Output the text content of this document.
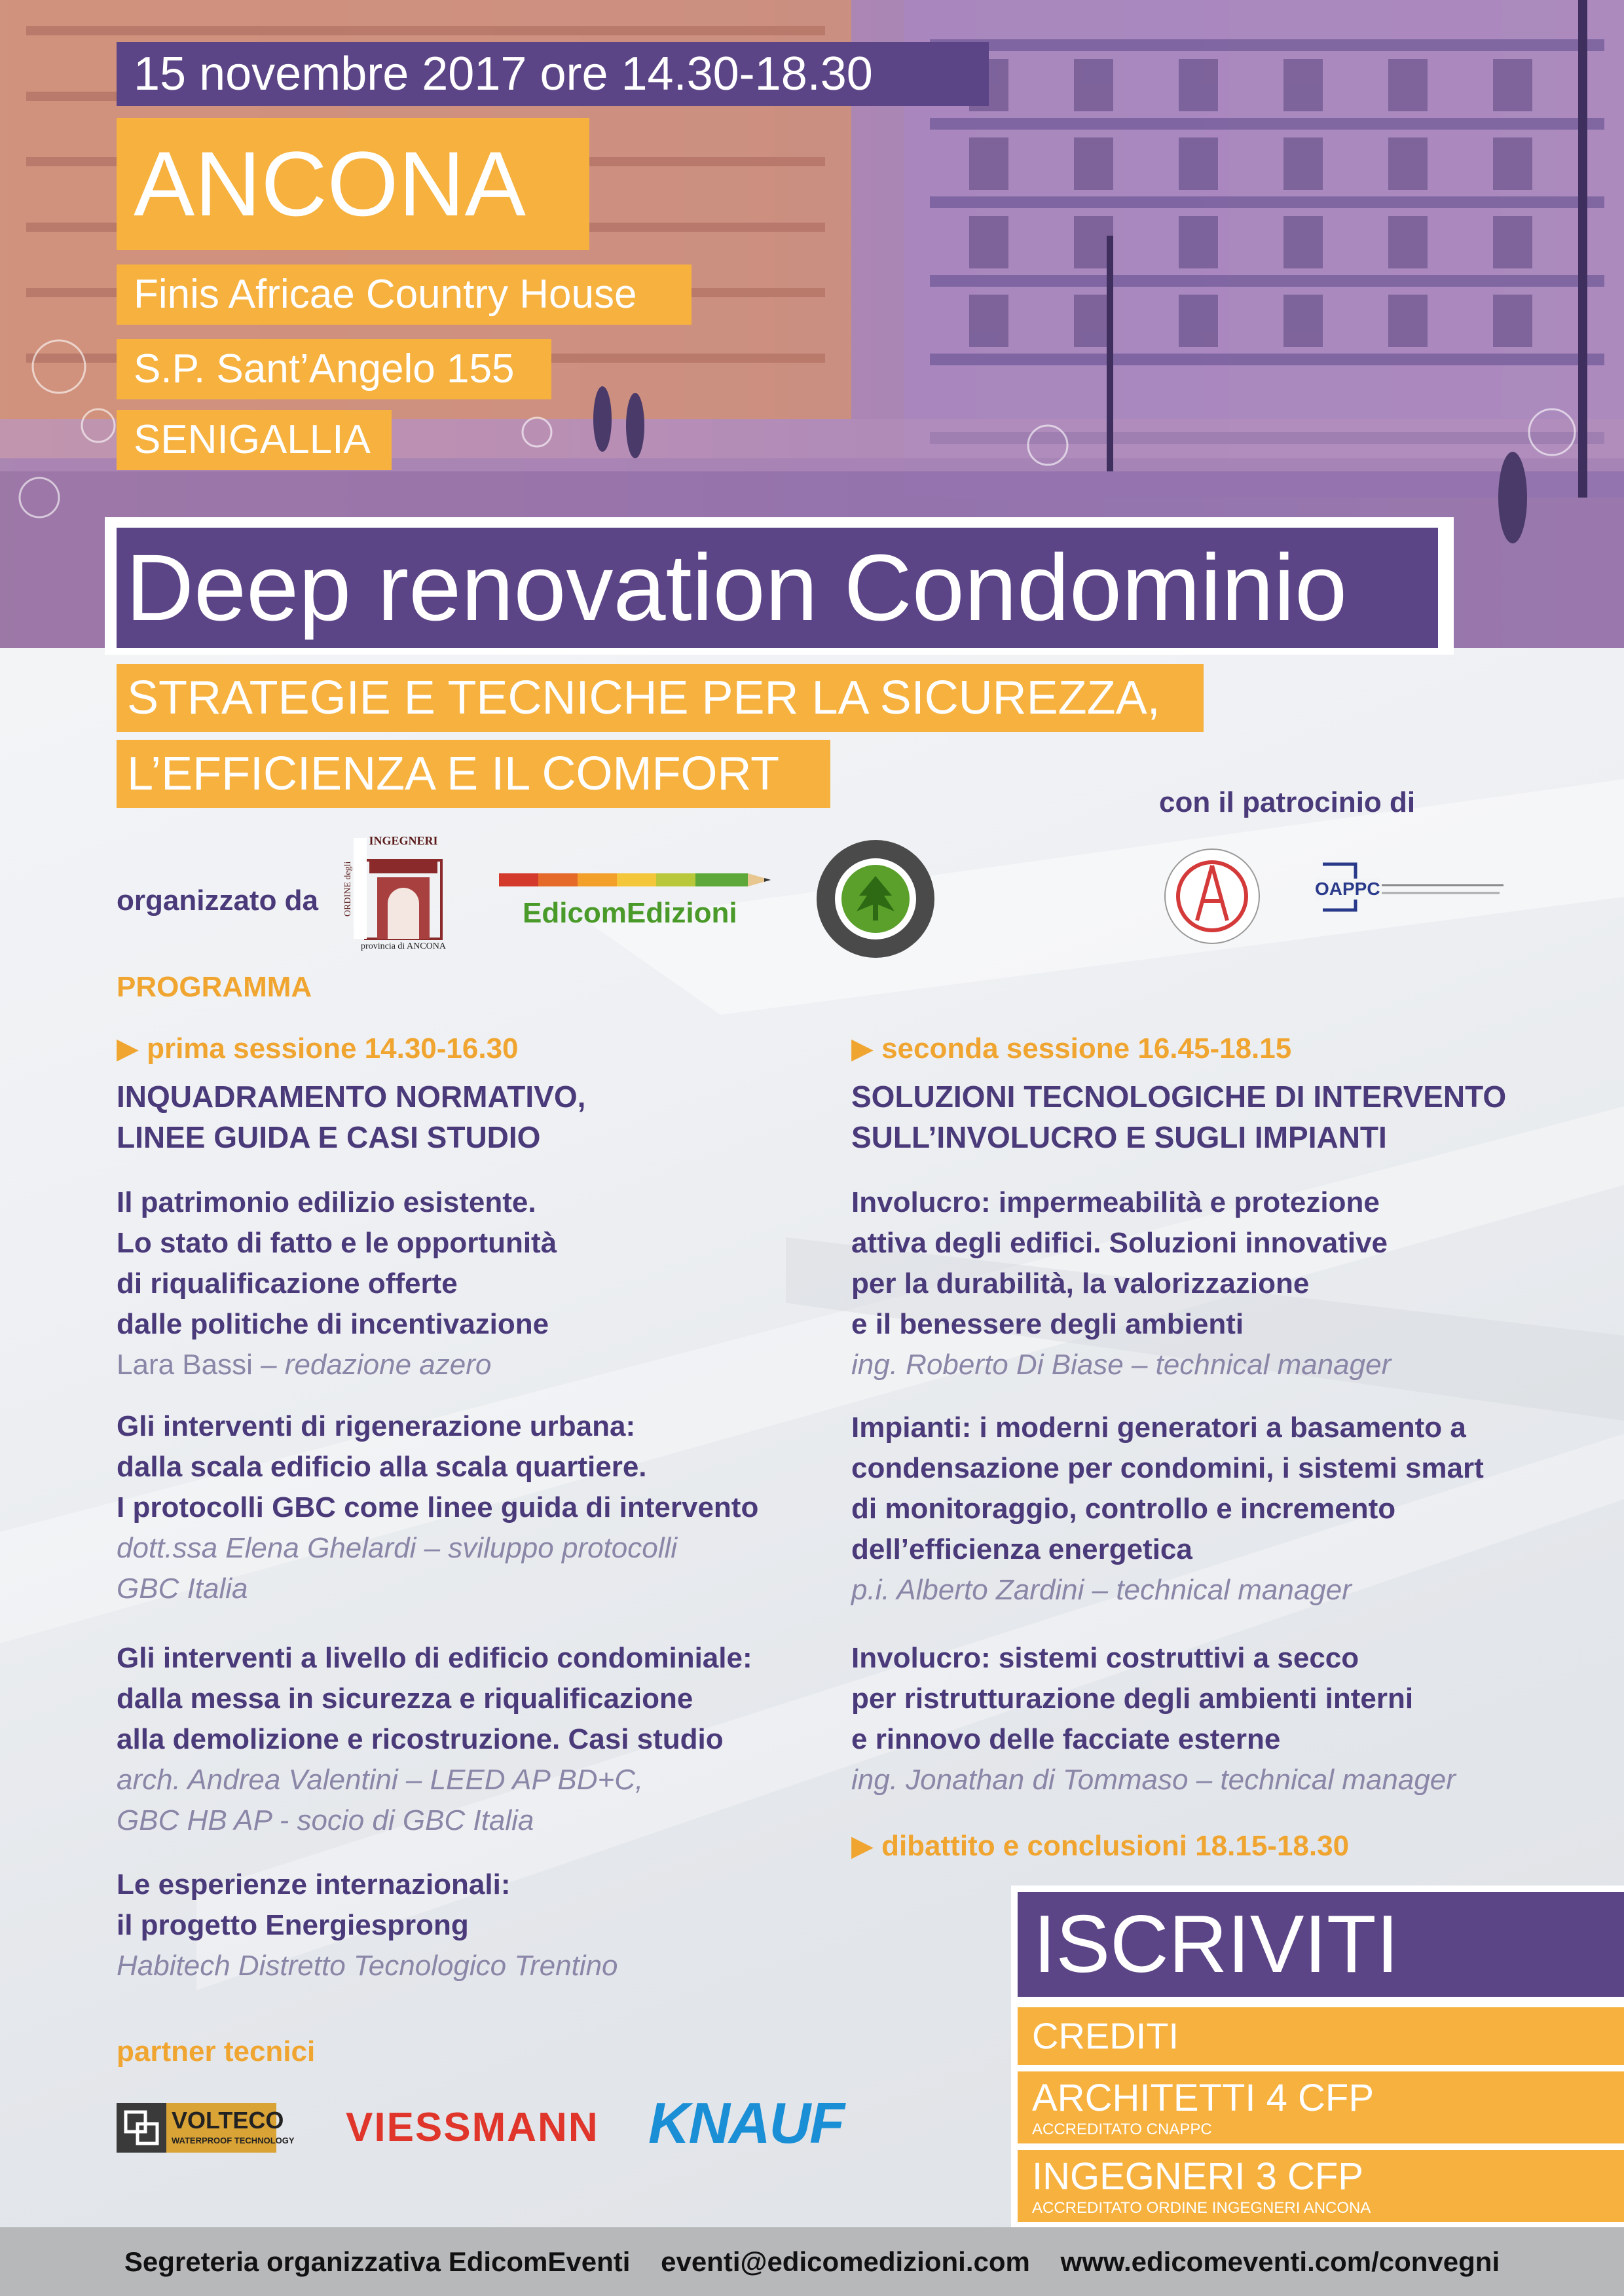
15 novembre 2017 ore 14.30-18.30
ANCONA
Finis Africae Country House
S.P. Sant’Angelo 155
SENIGALLIA
Deep renovation Condominio
STRATEGIE E TECNICHE PER LA SICUREZZA,
L’EFFICIENZA E IL COMFORT
con il patrocinio di
organizzato da
INGEGNERI
ORDINE degli
provincia di ANCONA
EdicomEdizioni
OAPPC
PROGRAMMA
▶ prima sessione 14.30-16.30
INQUADRAMENTO NORMATIVO,
LINEE GUIDA E CASI STUDIO
Il patrimonio edilizio esistente.
Lo stato di fatto e le opportunità
di riqualificazione offerte
dalle politiche di incentivazione
Lara Bassi – redazione azero
Gli interventi di rigenerazione urbana:
dalla scala edificio alla scala quartiere.
I protocolli GBC come linee guida di intervento
dott.ssa Elena Ghelardi – sviluppo protocolli
GBC Italia
Gli interventi a livello di edificio condominiale:
dalla messa in sicurezza e riqualificazione
alla demolizione e ricostruzione. Casi studio
arch. Andrea Valentini – LEED AP BD+C,
GBC HB AP - socio di GBC Italia
Le esperienze internazionali:
il progetto Energiesprong
Habitech Distretto Tecnologico Trentino
▶ seconda sessione 16.45-18.15
SOLUZIONI TECNOLOGICHE DI INTERVENTO
SULL’INVOLUCRO E SUGLI IMPIANTI
Involucro: impermeabilità e protezione
attiva degli edifici. Soluzioni innovative
per la durabilità, la valorizzazione
e il benessere degli ambienti
ing. Roberto Di Biase – technical manager
Impianti: i moderni generatori a basamento a
condensazione per condomini, i sistemi smart
di monitoraggio, controllo e incremento
dell’efficienza energetica
p.i. Alberto Zardini – technical manager
Involucro: sistemi costruttivi a secco
per ristrutturazione degli ambienti interni
e rinnovo delle facciate esterne
ing. Jonathan di Tommaso – technical manager
▶ dibattito e conclusioni 18.15-18.30
partner tecnici
VOLTECO
WATERPROOF TECHNOLOGY VIESSMANN KNAUF
ISCRIVITI
CREDITI
ARCHITETTI 4 CFP
ACCREDITATO CNAPPC
INGEGNERI 3 CFP
ACCREDITATO ORDINE INGEGNERI ANCONA
Segreteria organizzativa EdicomEventi    eventi@edicomedizioni.com    www.edicomeventi.com/convegni
